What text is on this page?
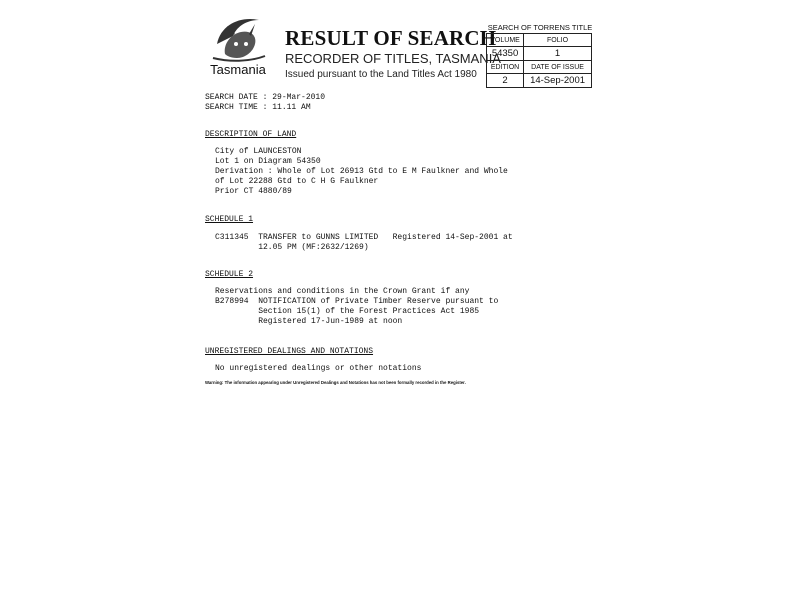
Tasmania
RESULT OF SEARCH
RECORDER OF TITLES, TASMANIA
Issued pursuant to the Land Titles Act 1980
SEARCH OF TORRENS TITLE
VOLUME	FOLIO
54350	1
EDITION	DATE OF ISSUE
2	14-Sep-2001
SEARCH DATE : 29-Mar-2010
SEARCH TIME : 11.11 AM
DESCRIPTION OF LAND
City of LAUNCESTON
Lot 1 on Diagram 54350
Derivation : Whole of Lot 26913 Gtd to E M Faulkner and Whole
of Lot 22288 Gtd to C H G Faulkner
Prior CT 4880/89
SCHEDULE 1
C311345  TRANSFER to GUNNS LIMITED   Registered 14-Sep-2001 at
12.05 PM (MF:2632/1269)
SCHEDULE 2
Reservations and conditions in the Crown Grant if any
B278994  NOTIFICATION of Private Timber Reserve pursuant to
Section 15(1) of the Forest Practices Act 1985
Registered 17-Jun-1989 at noon
UNREGISTERED DEALINGS AND NOTATIONS
No unregistered dealings or other notations
Warning: The information appearing under Unregistered Dealings and Notations has not been formally recorded in the Register.
